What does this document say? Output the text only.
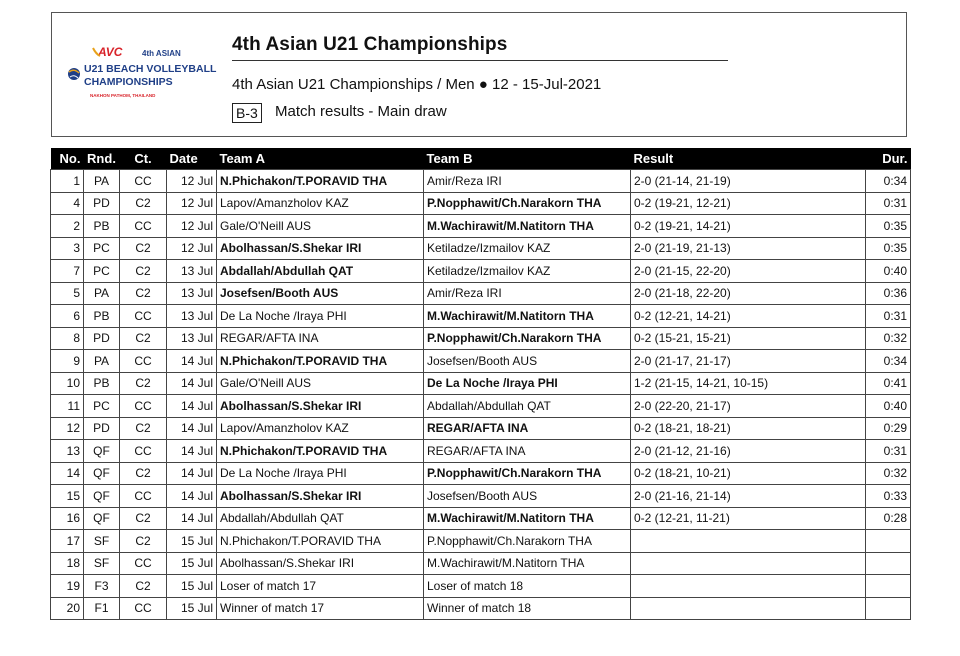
AVC 4th ASIAN
U21 BEACH VOLLEYBALL
CHAMPIONSHIPS
NAKHON PATHOM, THAILAND
4th Asian U21 Championships
4th Asian U21 Championships / Men ● 12 - 15-Jul-2021
B-3 Match results - Main draw
No.	Rnd.	Ct.	Date	Team A	Team B	Result	Dur.
1	PA	CC	12 Jul	N.Phichakon/T.PORAVID THA	Amir/Reza IRI	2-0 (21-14, 21-19)	0:34
4	PD	C2	12 Jul	Lapov/Amanzholov KAZ	P.Nopphawit/Ch.Narakorn THA	0-2 (19-21, 12-21)	0:31
2	PB	CC	12 Jul	Gale/O'Neill AUS	M.Wachirawit/M.Natitorn THA	0-2 (19-21, 14-21)	0:35
3	PC	C2	12 Jul	Abolhassan/S.Shekar IRI	Ketiladze/Izmailov KAZ	2-0 (21-19, 21-13)	0:35
7	PC	C2	13 Jul	Abdallah/Abdullah QAT	Ketiladze/Izmailov KAZ	2-0 (21-15, 22-20)	0:40
5	PA	C2	13 Jul	Josefsen/Booth AUS	Amir/Reza IRI	2-0 (21-18, 22-20)	0:36
6	PB	CC	13 Jul	De La Noche /Iraya PHI	M.Wachirawit/M.Natitorn THA	0-2 (12-21, 14-21)	0:31
8	PD	C2	13 Jul	REGAR/AFTA INA	P.Nopphawit/Ch.Narakorn THA	0-2 (15-21, 15-21)	0:32
9	PA	CC	14 Jul	N.Phichakon/T.PORAVID THA	Josefsen/Booth AUS	2-0 (21-17, 21-17)	0:34
10	PB	C2	14 Jul	Gale/O'Neill AUS	De La Noche /Iraya PHI	1-2 (21-15, 14-21, 10-15)	0:41
11	PC	CC	14 Jul	Abolhassan/S.Shekar IRI	Abdallah/Abdullah QAT	2-0 (22-20, 21-17)	0:40
12	PD	C2	14 Jul	Lapov/Amanzholov KAZ	REGAR/AFTA INA	0-2 (18-21, 18-21)	0:29
13	QF	CC	14 Jul	N.Phichakon/T.PORAVID THA	REGAR/AFTA INA	2-0 (21-12, 21-16)	0:31
14	QF	C2	14 Jul	De La Noche /Iraya PHI	P.Nopphawit/Ch.Narakorn THA	0-2 (18-21, 10-21)	0:32
15	QF	CC	14 Jul	Abolhassan/S.Shekar IRI	Josefsen/Booth AUS	2-0 (21-16, 21-14)	0:33
16	QF	C2	14 Jul	Abdallah/Abdullah QAT	M.Wachirawit/M.Natitorn THA	0-2 (12-21, 11-21)	0:28
17	SF	C2	15 Jul	N.Phichakon/T.PORAVID THA	P.Nopphawit/Ch.Narakorn THA		
18	SF	CC	15 Jul	Abolhassan/S.Shekar IRI	M.Wachirawit/M.Natitorn THA		
19	F3	C2	15 Jul	Loser of match 17	Loser of match 18		
20	F1	CC	15 Jul	Winner of match 17	Winner of match 18		
